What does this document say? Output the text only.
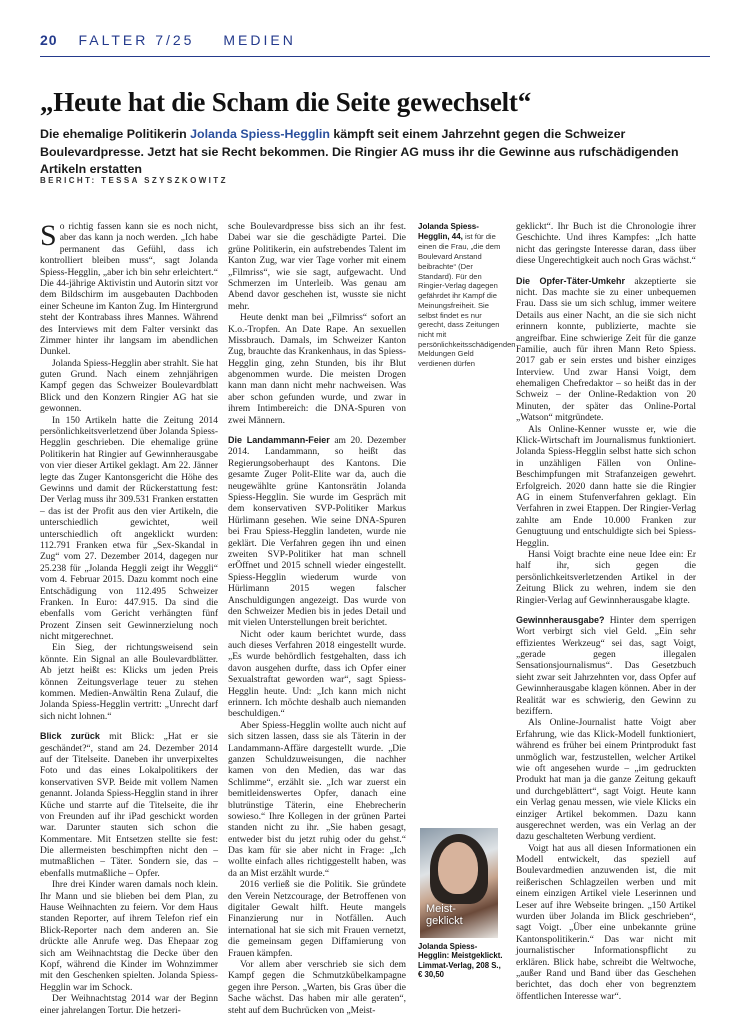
20 FALTER 7/25 MEDIEN
„Heute hat die Scham die Seite gewechselt“
Die ehemalige Politikerin Jolanda Spiess-Hegglin kämpft seit einem Jahrzehnt gegen die Schweizer Boulevardpresse. Jetzt hat sie Recht bekommen. Die Ringier AG muss ihr die Gewinne aus rufschädigenden Artikeln erstatten
BERICHT: TESSA SZYSZKOWITZ

So richtig fassen kann sie es noch nicht, aber das kann ja noch werden. „Ich habe permanent das Gefühl, dass ich kontrolliert bleiben muss“, sagt Jolanda Spiess-Hegglin, „aber ich bin sehr erleichtert.“ Die 44-jährige Aktivistin und Autorin sitzt vor dem Bildschirm im ausgebauten Dachboden einer Scheune im Kanton Zug. Im Hintergrund steht der Kontrabass ihres Mannes. Während des Interviews mit dem Falter versinkt das Zimmer hinter ihr langsam im abendlichen Dunkel.

Jolanda Spiess-Hegglin aber strahlt. Sie hat guten Grund. Nach einem zehnjährigen Kampf gegen das Schweizer Boulevardblatt Blick und den Konzern Ringier AG hat sie gewonnen.

In 150 Artikeln hatte die Zeitung 2014 persönlichkeitsverletzend über Jolanda Spiess-Hegglin geschrieben. Die ehemalige grüne Politikerin hat Ringier auf Gewinnherausgabe von vier dieser Artikel geklagt. Am 22. Jänner legte das Zuger Kantonsgericht die Höhe des Gewinns und damit der Rückerstattung fest: Der Verlag muss ihr 309.531 Franken erstatten – das ist der Profit aus den vier Artikeln, die unterschiedlich gewichtet, weil unterschiedlich oft angeklickt wurden: 112.791 Franken etwa für „Sex-Skandal in Zug“ vom 27. Dezember 2014, dagegen nur 25.238 für „Jolanda Heggli zeigt ihr Weggli“ vom 4. Februar 2015. Dazu kommt noch eine Entschädigung von 112.495 Schweizer Franken. In Euro: 447.915. Da sind die ebenfalls vom Gericht verhängten fünf Prozent Zinsen seit Gewinnerzielung noch nicht mitgerechnet.

Ein Sieg, der richtungsweisend sein könnte. Ein Signal an alle Boulevardblätter. Ab jetzt heißt es: Klicks um jeden Preis können Zeitungsverlage teuer zu stehen kommen. Medien-Anwältin Rena Zulauf, die Jolanda Spiess-Hegglin vertritt: „Unrecht darf sich nicht lohnen.“

Blick zurück mit Blick: „Hat er sie geschändet?“, stand am 24. Dezember 2014 auf der Titelseite. Daneben ihr unverpixeltes Foto und das eines Lokalpolitikers der konservativen SVP. Beide mit vollem Namen genannt. Jolanda Spiess-Hegglin stand in ihrer Küche und starrte auf die Titelseite, die ihr von Freunden auf ihr iPad geschickt worden war. Darunter stauten sich schon die Kommentare. Mit Entsetzen stellte sie fest: Die allermeisten beschimpften nicht den – mutmaßlichen – Täter. Sondern sie, das – ebenfalls mutmaßliche – Opfer.

Ihre drei Kinder waren damals noch klein. Ihr Mann und sie blieben bei dem Plan, zu Hause Weihnachten zu feiern. Vor dem Haus standen Reporter, auf ihrem Telefon rief ein Blick-Reporter nach dem anderen an. Sie drückte alle Anrufe weg. Das Ehepaar zog sich am Weihnachtstag die Decke über den Kopf, während die Kinder im Wohnzimmer mit den Geschenken spielten. Jolanda Spiess-Hegglin war im Schock.

Der Weihnachtstag 2014 war der Beginn einer jahrelangen Tortur. Die hetzeri-

sche Boulevardpresse biss sich an ihr fest. Dabei war sie die geschädigte Partei. Die grüne Politikerin, ein aufstrebendes Talent im Kanton Zug, war vier Tage vorher mit einem „Filmriss“, wie sie sagt, aufgewacht. Und Schmerzen im Unterleib. Was genau am Abend davor geschehen ist, wusste sie nicht mehr.

Heute denkt man bei „Filmriss“ sofort an K.o.-Tropfen. An Date Rape. An sexuellen Missbrauch. Damals, im Schweizer Kanton Zug, brauchte das Krankenhaus, in das Spiess-Hegglin ging, zehn Stunden, bis ihr Blut abgenommen wurde. Die meisten Drogen kann man dann nicht mehr nachweisen. Was aber schon gefunden wurde, und zwar in ihrem Intimbereich: die DNA-Spuren von zwei Männern.

Die Landammann-Feier am 20. Dezember 2014. Landammann, so heißt das Regierungsoberhaupt des Kantons. Die gesamte Zuger Polit-Elite war da, auch die neugewählte grüne Kantonsrätin Jolanda Spiess-Hegglin. Sie wurde im Gespräch mit dem konservativen SVP-Politiker Markus Hürlimann gesehen. Wie seine DNA-Spuren bei Frau Spiess-Hegglin landeten, wurde nie geklärt. Die Verfahren gegen ihn und einen zweiten SVP-Politiker hat man schnell erÖffnet und 2015 schnell wieder eingestellt. Spiess-Hegglin wiederum wurde von Hürlimann 2015 wegen falscher Anschuldigungen angezeigt. Das wurde von den Schweizer Medien bis in jedes Detail und mit vielen Unterstellungen breit berichtet.

Nicht oder kaum berichtet wurde, dass auch dieses Verfahren 2018 eingestellt wurde. „Es wurde behördlich festgehalten, dass ich davon ausgehen durfte, dass ich Opfer einer Sexualstraftat geworden war“, sagt Spiess-Hegglin heute. Und: „Ich kann mich nicht erinnern. Ich möchte deshalb auch niemanden beschuldigen.“

Aber Spiess-Hegglin wollte auch nicht auf sich sitzen lassen, dass sie als Täterin in der Landammann-Affäre dargestellt wurde. „Die ganzen Schuldzuweisungen, die nachher kamen von den Medien, das war das Schlimme“, erzählt sie. „Ich war zuerst ein bemitleidenswertes Opfer, danach eine blutrünstige Täterin, eine Ehebrecherin sowieso.“ Ihre Kollegen in der grünen Partei standen nicht zu ihr. „Sie haben gesagt, entweder bist du jetzt ruhig oder du gehst.“ Das kam für sie aber nicht in Frage: „Ich wollte einfach alles richtiggestellt haben, was da an Mist erzählt wurde.“

2016 verließ sie die Politik. Sie gründete den Verein Netzcourage, der Betroffenen von digitaler Gewalt hilft. Heute mangels Finanzierung nur in Notfällen. Auch international hat sie sich mit Frauen vernetzt, die gemeinsam gegen Diffamierung von Frauen kämpfen.

Vor allem aber verschrieb sie sich dem Kampf gegen die Schmutzkübelkampagne gegen ihre Person. „Warten, bis Gras über die Sache wächst. Das haben mir alle geraten“, steht auf dem Buchrücken von „Meist-

Jolanda Spiess-Hegglin, 44, ist für die einen die Frau, „die dem Boulevard Anstand beibrachte“ (Der Standard). Für den Ringier-Verlag dagegen gefährdet ihr Kampf die Meinungsfreiheit. Sie selbst findet es nur gerecht, dass Zeitungen nicht mit persönlichkeitsschädigenden Meldungen Geld verdienen dürfen
Meist-
geklickt
Jolanda Spiess-Hegglin: Meistgeklickt. Limmat-Verlag, 208 S., € 30,50

geklickt“. Ihr Buch ist die Chronologie ihrer Geschichte. Und ihres Kampfes: „Ich hatte nicht das geringste Interesse daran, dass über diese Ungerechtigkeit auch noch Gras wächst.“

Die Opfer-Täter-Umkehr akzeptierte sie nicht. Das machte sie zu einer unbequemen Frau. Dass sie um sich schlug, immer weitere Details aus einer Nacht, an die sie sich nicht erinnern konnte, publizierte, machte sie angreifbar. Eine schwierige Zeit für die ganze Familie, auch für ihren Mann Reto Spiess. 2017 gab er sein erstes und bisher einziges Interview. Und zwar Hansi Voigt, dem ehemaligen Chefredaktor – so heißt das in der Schweiz – der Online-Redaktion von 20 Minuten, der später das Online-Portal „Watson“ mitgründete.

Als Online-Kenner wusste er, wie die Klick-Wirtschaft im Journalismus funktioniert. Jolanda Spiess-Hegglin selbst hatte sich schon in unzähligen Fällen von Online-Beschimpfungen mit Strafanzeigen gewehrt. Erfolgreich. 2020 dann hatte sie die Ringier AG in einem Stufenverfahren geklagt. Ein Verfahren in zwei Etappen. Der Ringier-Verlag zahlte am Ende 10.000 Franken zur Genugtuung und entschuldigte sich bei Spiess-Hegglin.

Hansi Voigt brachte eine neue Idee ein: Er half ihr, sich gegen die persönlichkeitsverletzenden Artikel in der Zeitung Blick zu wehren, indem sie den Ringier-Verlag auf Gewinnherausgabe klagte.

Gewinnherausgabe? Hinter dem sperrigen Wort verbirgt sich viel Geld. „Ein sehr effizientes Werkzeug“ sei das, sagt Voigt, „gerade gegen illegalen Sensationsjournalismus“. Das Gesetzbuch sieht zwar seit Jahrzehnten vor, dass Opfer auf Gewinnherausgabe klagen können. Aber in der Realität war es schwierig, den Gewinn zu beziffern.

Als Online-Journalist hatte Voigt aber Erfahrung, wie das Klick-Modell funktioniert, während es früher bei einem Printprodukt fast unmöglich war, festzustellen, welcher Artikel wie oft angesehen wurde – „im gedruckten Produkt hat man ja die ganze Zeitung gekauft und durchgeblättert“, sagt Voigt. Heute kann ein Verlag genau messen, wie viele Klicks ein einziger Artikel bekommen. Dazu kann ausgerechnet werden, was ein Verlag an der dazu geschalteten Werbung verdient.

Voigt hat aus all diesen Informationen ein Modell entwickelt, das speziell auf Boulevardmedien anzuwenden ist, die mit reißerischen Schlagzeilen werben und mit einem einzigen Artikel viele Leserinnen und Leser auf ihre Webseite bringen. „150 Artikel wurden über Jolanda im Blick geschrieben“, sagt Voigt. „Über eine unbekannte grüne Kantonspolitikerin.“ Das war nicht mit journalistischer Informationspflicht zu erklären. Blick habe, schreibt die Weltwoche, „außer Rand und Band über das Geschehen berichtet, das doch eher von begrenztem öffentlichen Interesse war“.
